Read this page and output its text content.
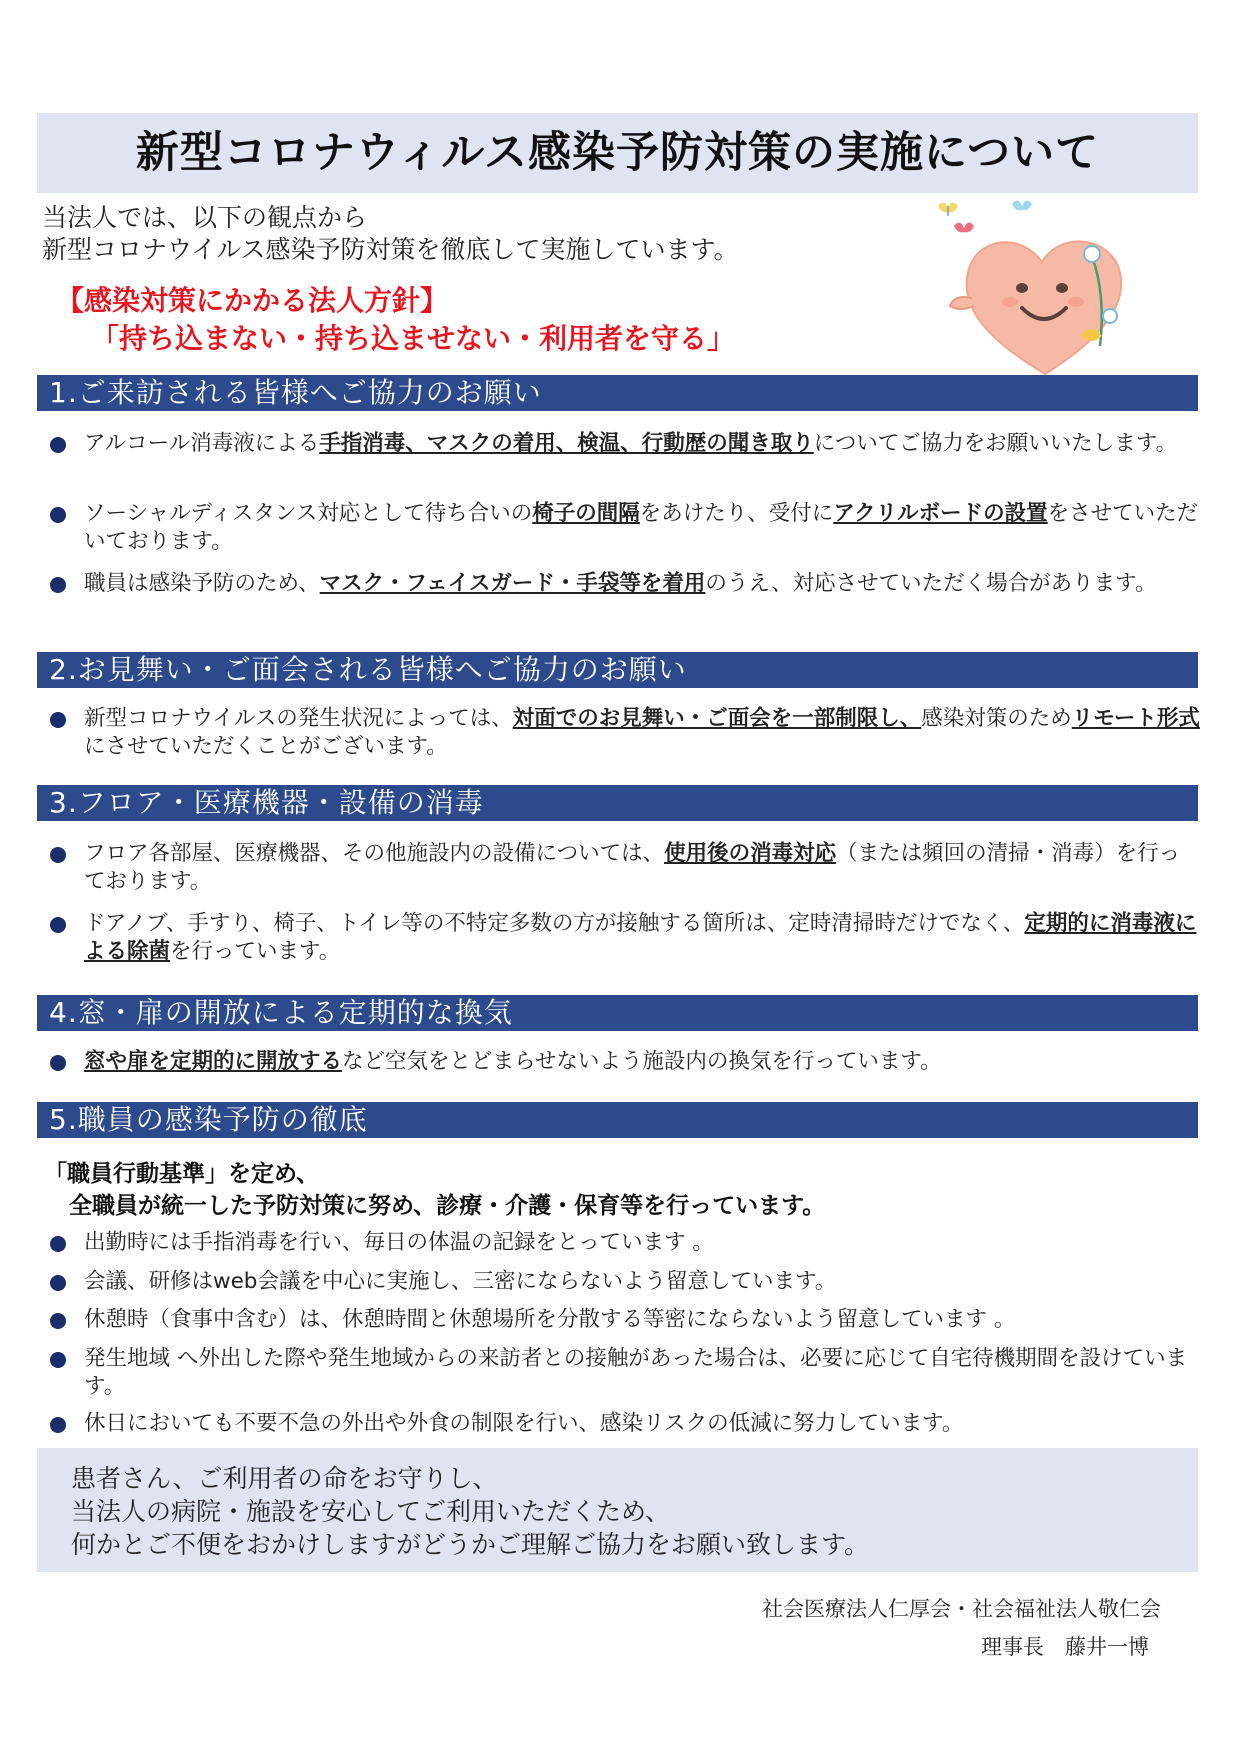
新型コロナウィルス感染予防対策の実施について
当法人では、以下の観点から
新型コロナウイルス感染予防対策を徹底して実施しています。
【感染対策にかかる法人方針】
「持ち込まない・持ち込ませない・利用者を守る」
1.ご来訪される皆様へご協力のお願い
アルコール消毒液による手指消毒、マスクの着用、検温、行動歴の聞き取りについてご協力をお願いいたします。
ソーシャルディスタンス対応として待ち合いの椅子の間隔をあけたり、受付にアクリルボードの設置をさせていただいております。
職員は感染予防のため、マスク・フェイスガード・手袋等を着用のうえ、対応させていただく場合があります。
2.お見舞い・ご面会される皆様へご協力のお願い
新型コロナウイルスの発生状況によっては、対面でのお見舞い・ご面会を一部制限し、感染対策のためリモート形式にさせていただくことがございます。
3.フロア・医療機器・設備の消毒
フロア各部屋、医療機器、その他施設内の設備については、使用後の消毒対応（または頻回の清掃・消毒）を行っております。
ドアノブ、手すり、椅子、トイレ等の不特定多数の方が接触する箇所は、定時清掃時だけでなく、定期的に消毒液による除菌を行っています。
4.窓・扉の開放による定期的な換気
窓や扉を定期的に開放するなど空気をとどまらせないよう施設内の換気を行っています。
5.職員の感染予防の徹底
「職員行動基準」を定め、
全職員が統一した予防対策に努め、診療・介護・保育等を行っています。
出勤時には手指消毒を行い、毎日の体温の記録をとっています 。
会議、研修はweb会議を中心に実施し、三密にならないよう留意しています。
休憩時（食事中含む）は、休憩時間と休憩場所を分散する等密にならないよう留意しています 。
発生地域 へ外出した際や発生地域からの来訪者との接触があった場合は、必要に応じて自宅待機期間を設けています。
休日においても不要不急の外出や外食の制限を行い、感染リスクの低減に努力しています。
患者さん、ご利用者の命をお守りし、
当法人の病院・施設を安心してご利用いただくため、
何かとご不便をおかけしますがどうかご理解ご協力をお願い致します。
社会医療法人仁厚会・社会福祉法人敬仁会
理事長　藤井一博
